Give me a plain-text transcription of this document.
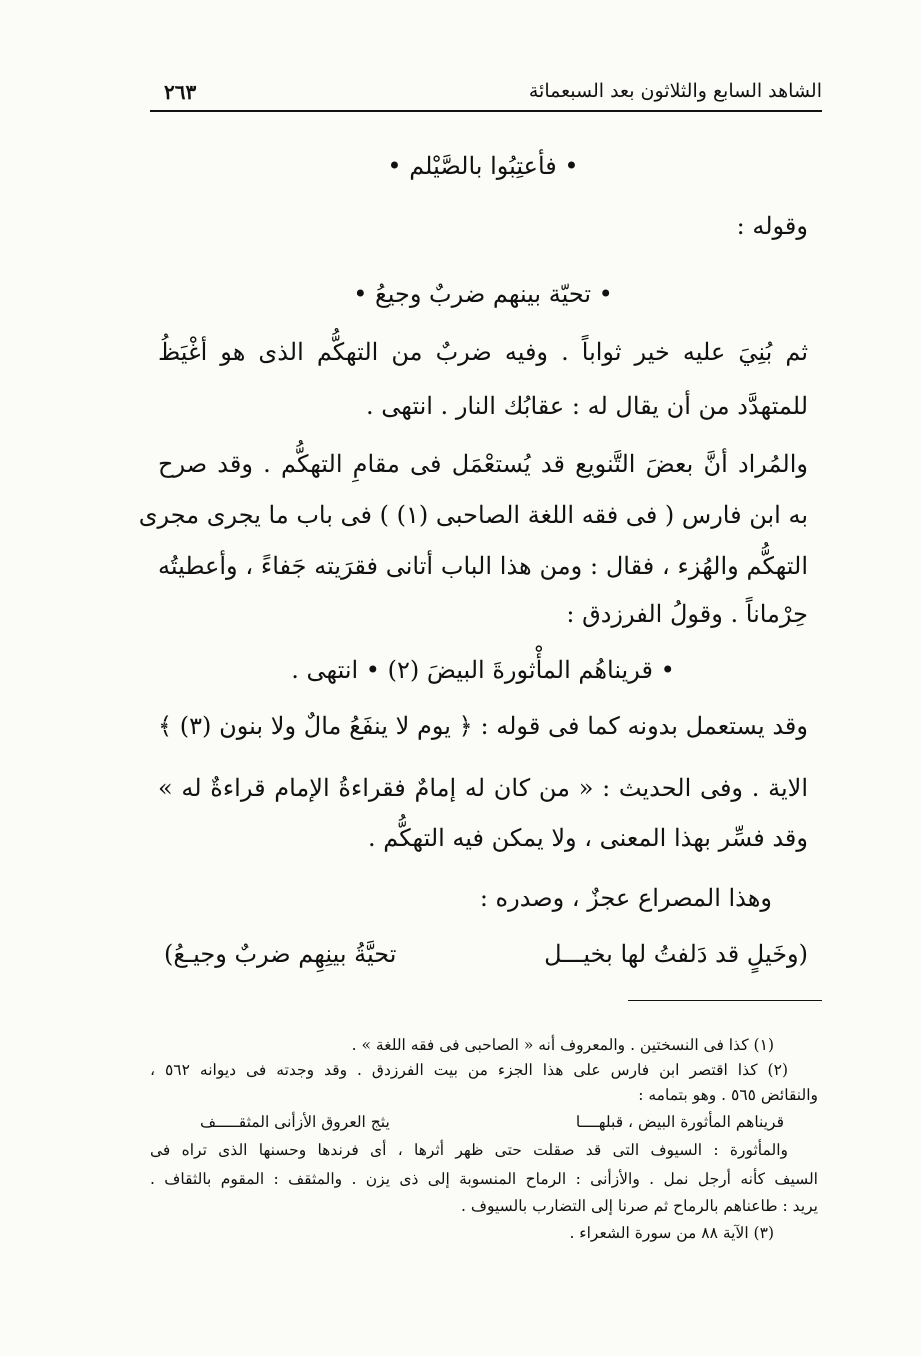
الشاهد السابع والثلاثون بعد السبعمائة
٢٦٣
• فأعتِبُوا بالصَّيْلم •
وقوله :
• تحيّة بينهم ضربٌ وجيعُ •
ثم بُنِيَ عليه خير ثواباً . وفيه ضربٌ من التهكُّم الذى هو أغْيَظُ
للمتهدَّد من أن يقال له : عقابُك النار . انتهى .
والمُراد أنَّ بعضَ التَّنويع قد يُستعْمَل فى مقامِ التهكُّم . وقد صرح
به ابن فارس ( فى فقه اللغة الصاحبى (١) ) فى باب ما يجرى مجرى
التهكُّم والهُزء ، فقال : ومن هذا الباب أتانى فقرَيته جَفاءً ، وأعطيتُه
حِرْماناً . وقولُ الفرزدق :
• قريناهُم المأْثورةَ البيضَ (٢) • انتهى .
وقد يستعمل بدونه كما فى قوله : ﴿ يوم لا ينفَعُ مالٌ ولا بنون (٣) ﴾
الاية . وفى الحديث : « من كان له إمامٌ فقراءةُ الإمام قراءةٌ له »
وقد فسِّر بهذا المعنى ، ولا يمكن فيه التهكُّم .
وهذا المصراع عجزٌ ، وصدره :
(وخَيلٍ قد دَلفتُ لها بخيـــل
تحيَّةُ بينِهِم ضربٌ وجيـعُ)
(١) كذا فى النسختين . والمعروف أنه « الصاحبى فى فقه اللغة » .
(٢) كذا اقتصر ابن فارس على هذا الجزء من بيت الفرزدق . وقد وجدته فى ديوانه ٥٦٢ ،
والنقائض ٥٦٥ . وهو بتمامه :
قريناهم المأثورة البيض ، قبلهــــا
يثج العروق الأزأنى المثقـــــف
والمأثورة : السيوف التى قد صقلت حتى ظهر أثرها ، أى فرندها وحسنها الذى تراه فى
السيف كأنه أرجل نمل . والأزأنى : الرماح المنسوبة إلى ذى يزن . والمثقف : المقوم بالثقاف .
يريد : طاعناهم بالرماح ثم صرنا إلى التضارب بالسيوف .
(٣) الآية ٨٨ من سورة الشعراء .
